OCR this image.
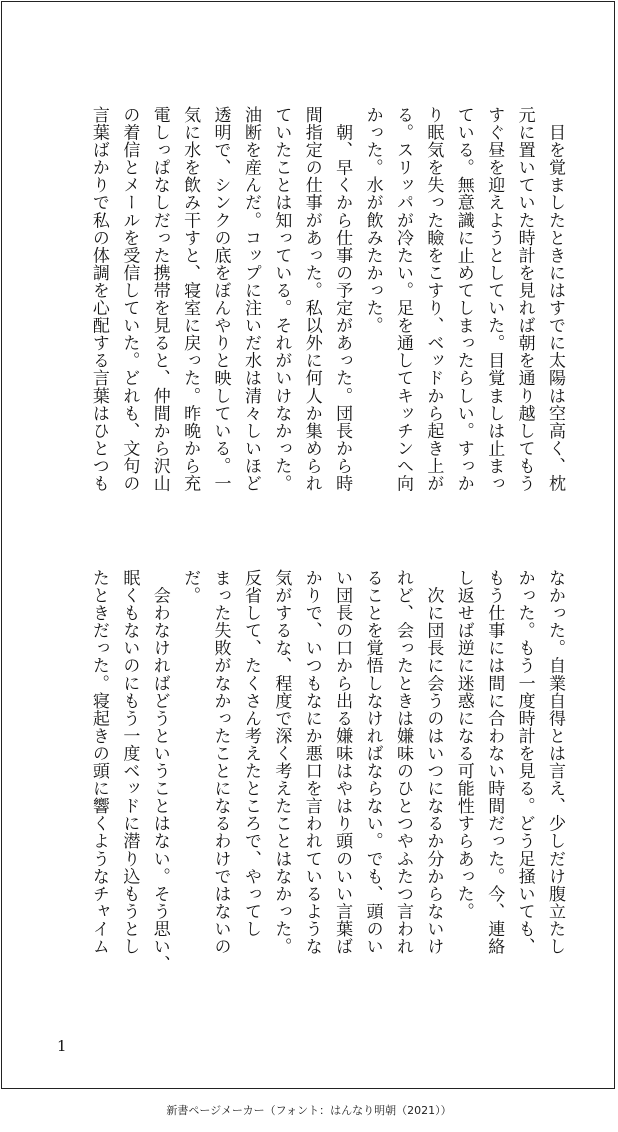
　目を覚ましたときにはすでに太陽は空高く、枕
元に置いていた時計を見れば朝を通り越してもう
すぐ昼を迎えようとしていた。目覚ましは止まっ
ている。無意識に止めてしまったらしい。すっか
り眠気を失った瞼をこすり、ベッドから起き上が
る。スリッパが冷たい。足を通してキッチンへ向
かった。水が飲みたかった。
　朝、早くから仕事の予定があった。団長から時
間指定の仕事があった。私以外に何人か集められ
ていたことは知っている。それがいけなかった。
油断を産んだ。コップに注いだ水は清々しいほど
透明で、シンクの底をぼんやりと映している。一
気に水を飲み干すと、寝室に戻った。昨晩から充
電しっぱなしだった携帯を見ると、仲間から沢山
の着信とメールを受信していた。どれも、文句の
言葉ばかりで私の体調を心配する言葉はひとつも
なかった。自業自得とは言え、少しだけ腹立たし
かった。もう一度時計を見る。どう足掻いても、
もう仕事には間に合わない時間だった。今、連絡
し返せば逆に迷惑になる可能性すらあった。
　次に団長に会うのはいつになるか分からないけ
れど、会ったときは嫌味のひとつやふたつ言われ
ることを覚悟しなければならない。でも、頭のい
い団長の口から出る嫌味はやはり頭のいい言葉ば
かりで、いつもなにか悪口を言われているような
気がするな、程度で深く考えたことはなかった。
反省して、たくさん考えたところで、やってし
まった失敗がなかったことになるわけではないの
だ。
　会わなければどうということはない。そう思い、
眠くもないのにもう一度ベッドに潜り込もうとし
たときだった。寝起きの頭に響くようなチャイム
1
新書ページメーカー（フォント：はんなり明朝（2021））
